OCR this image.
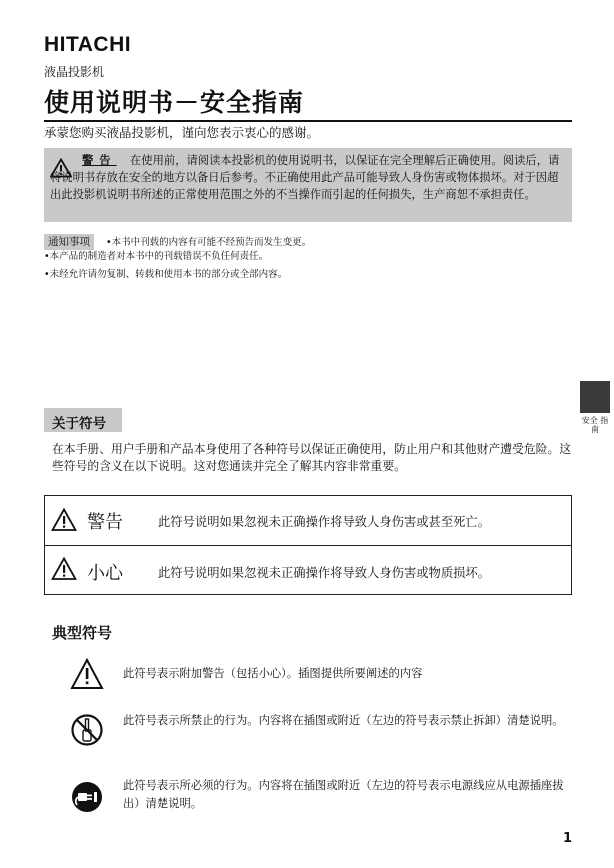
HITACHI
液晶投影机
使用说明书－安全指南
承蒙您购买液晶投影机，谨向您表示衷心的感谢。
警告	在使用前，请阅读本投影机的使用说明书，以保证在完全理解后正确使用。阅读后，请将说明书存放在安全的地方以备日后参考。不正确使用此产品可能导致人身伤害或物体损坏。对于因超出此投影机说明书所述的正常使用范围之外的不当操作而引起的任何损失，生产商恕不承担责任。
通知事项	•本书中刊载的内容有可能不经预告而发生变更。
•本产品的制造者对本书中的刊载错误不负任何责任。
•未经允许请勿复制、转载和使用本书的部分或全部内容。
安全 指南
关于符号
在本手册、用户手册和产品本身使用了各种符号以保证正确使用，防止用户和其他财产遭受危险。这些符号的含义在以下说明。这对您通读并完全了解其内容非常重要。
警告	此符号说明如果忽视未正确操作将导致人身伤害或甚至死亡。
小心	此符号说明如果忽视未正确操作将导致人身伤害或物质损坏。
典型符号
此符号表示附加警告（包括小心）。插图提供所要阐述的内容
此符号表示所禁止的行为。内容将在插图或附近（左边的符号表示禁止拆卸）清楚说明。
此符号表示所必须的行为。内容将在插图或附近（左边的符号表示电源线应从电源插座拔出）清楚说明。
1
